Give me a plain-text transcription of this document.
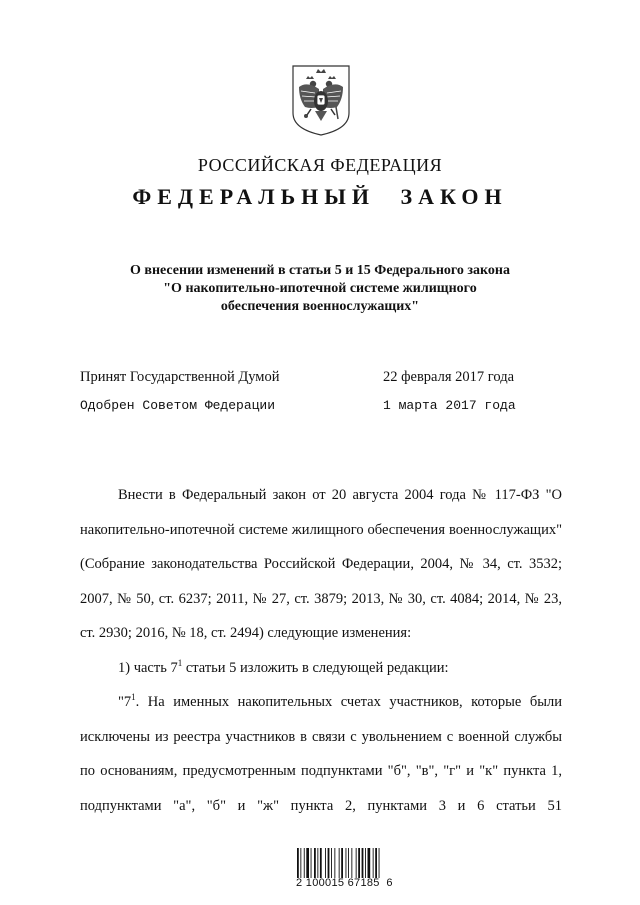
РОССИЙСКАЯ ФЕДЕРАЦИЯ
ФЕДЕРАЛЬНЫЙ ЗАКОН
О внесении изменений в статьи 5 и 15 Федерального закона
"О накопительно-ипотечной системе жилищного
обеспечения военнослужащих"
Принят Государственной Думой	22 февраля 2017 года
Одобрен Советом Федерации	1 марта 2017 года

Внести в Федеральный закон от 20 августа 2004 года № 117-ФЗ "О накопительно-ипотечной системе жилищного обеспечения военнослужащих" (Собрание законодательства Российской Федерации, 2004, № 34, ст. 3532; 2007, № 50, ст. 6237; 2011, № 27, ст. 3879; 2013, № 30, ст. 4084; 2014, № 23, ст. 2930; 2016, № 18, ст. 2494) следующие изменения:

1) часть $7^1$ статьи 5 изложить в следующей редакции:

"$7^1$. На именных накопительных счетах участников, которые были исключены из реестра участников в связи с увольнением с военной службы по основаниям, предусмотренным подпунктами "б", "в", "г" и "к" пункта 1, подпунктами "а", "б" и "ж" пункта 2, пунктами 3 и 6 статьи 51

2 100015 67185  6
